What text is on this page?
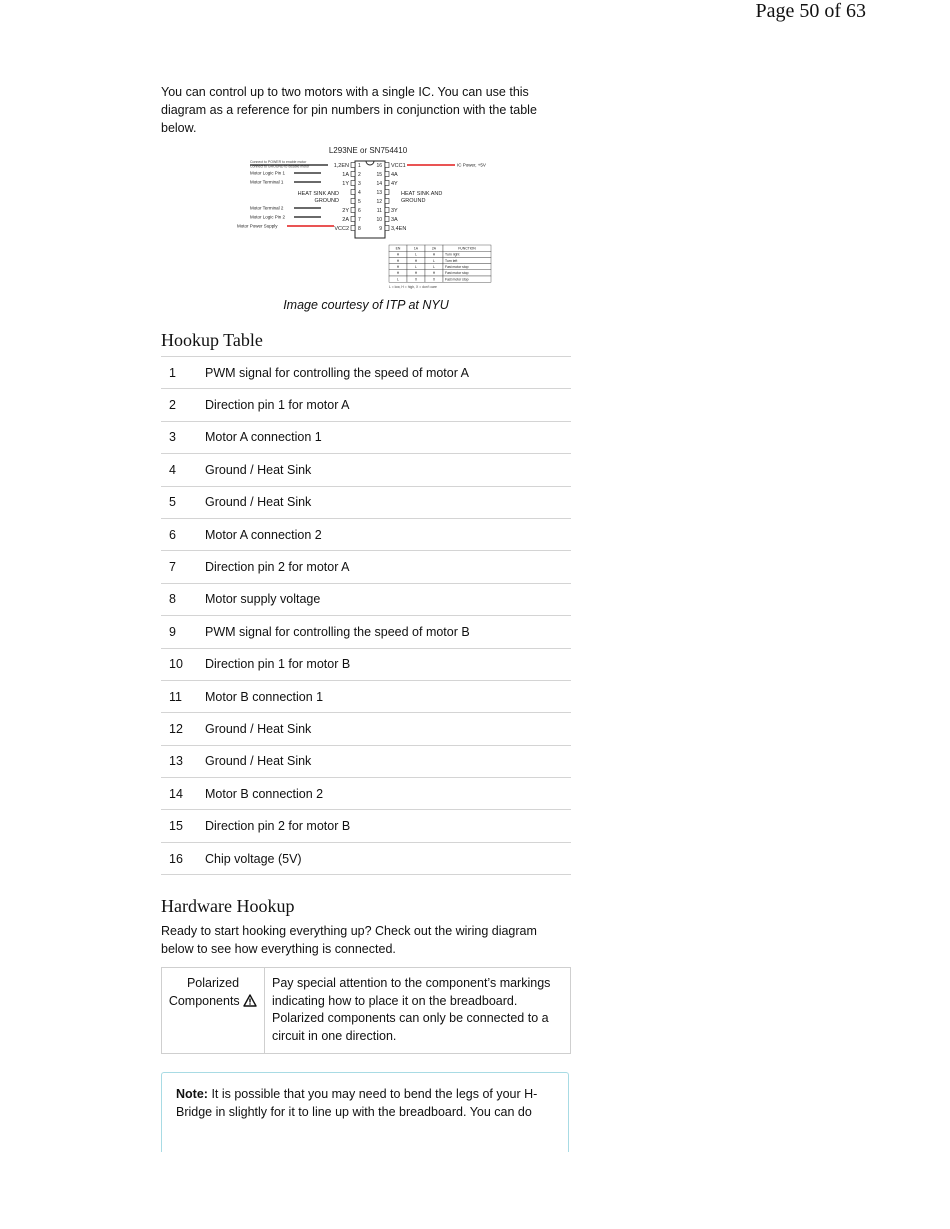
Page 50 of 63

You can control up to two motors with a single IC. You can use this diagram as a reference for pin numbers in conjunction with the table below.

L293NE or SN754410
Connect to POWER to enable motor
Connect to GROUND to disable motor	1	16
1,2EN	VCC1
2	15
1A	4A
3	14
1Y	4Y
4	13
5	12
6	11
2Y	3Y
7	10
2A	3A
8	9
VCC2	3,4EN
HEAT SINK AND
GROUND
HEAT SINK AND
GROUND
Motor Logic Pin 1
Motor Terminal 1
Motor Terminal 2
Motor Logic Pin 2
Motor Power Supply
IC Power, +5V
EN	1A	2A	FUNCTION
H	L	H	Turn right
H	H	L	Turn left
H	L	L	Fast motor stop
H	H	H	Fast motor stop
L	X	X	Fast motor stop
L = low, H = high, X = don't care
Image courtesy of ITP at NYU
Hookup Table
1	PWM signal for controlling the speed of motor A
2	Direction pin 1 for motor A
3	Motor A connection 1
4	Ground / Heat Sink
5	Ground / Heat Sink
6	Motor A connection 2
7	Direction pin 2 for motor A
8	Motor supply voltage
9	PWM signal for controlling the speed of motor B
10	Direction pin 1 for motor B
11	Motor B connection 1
12	Ground / Heat Sink
13	Ground / Heat Sink
14	Motor B connection 2
15	Direction pin 2 for motor B
16	Chip voltage (5V)
Hardware Hookup

Ready to start hooking everything up? Check out the wiring diagram below to see how everything is connected.

Polarized Components
Pay special attention to the component’s markings indicating how to place it on the breadboard. Polarized components can only be connected to a circuit in one direction.
Note: It is possible that you may need to bend the legs of your H-Bridge in slightly for it to line up with the breadboard. You can do
